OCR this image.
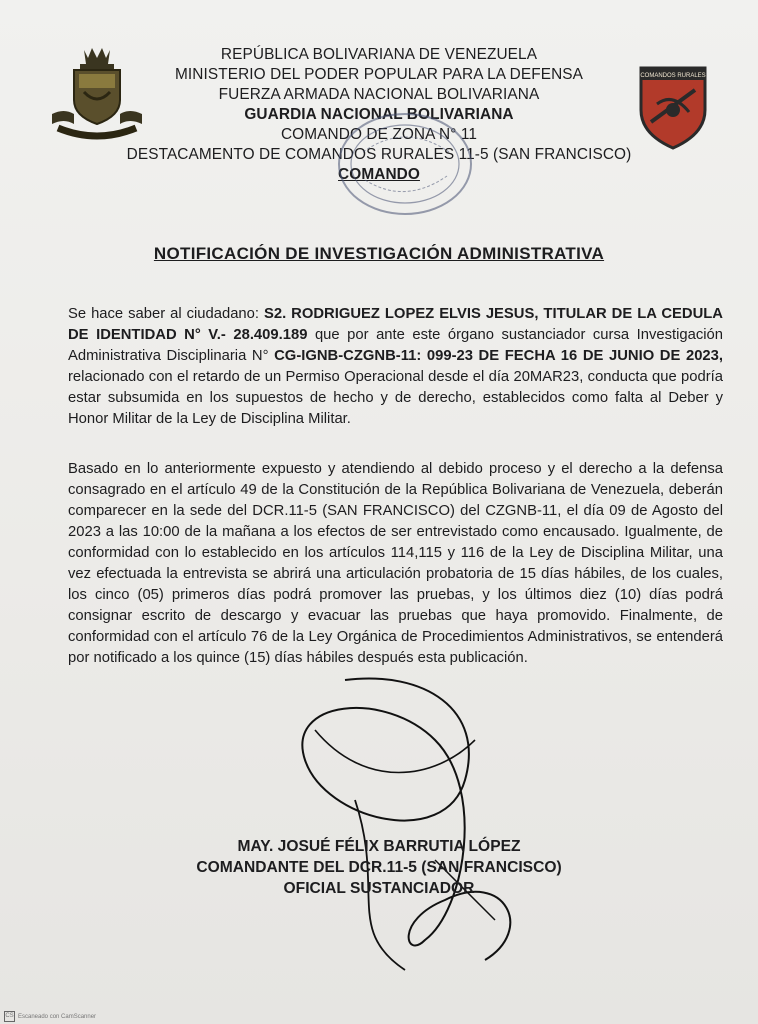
REPÚBLICA BOLIVARIANA DE VENEZUELA
MINISTERIO DEL PODER POPULAR PARA LA DEFENSA
FUERZA ARMADA NACIONAL BOLIVARIANA
GUARDIA NACIONAL BOLIVARIANA
COMANDO DE ZONA N° 11
DESTACAMENTO DE COMANDOS RURALES 11-5 (SAN FRANCISCO)
COMANDO
COMANDOS RURALES
NOTIFICACIÓN DE INVESTIGACIÓN ADMINISTRATIVA
Se hace saber al ciudadano: S2. RODRIGUEZ LOPEZ ELVIS JESUS, TITULAR DE LA CEDULA DE IDENTIDAD N° V.- 28.409.189 que por ante este órgano sustanciador cursa Investigación Administrativa Disciplinaria N° CG-IGNB-CZGNB-11: 099-23 DE FECHA 16 DE JUNIO DE 2023, relacionado con el retardo de un Permiso Operacional desde el día 20MAR23, conducta que podría estar subsumida en los supuestos de hecho y de derecho, establecidos como falta al Deber y Honor Militar de la Ley de Disciplina Militar.
Basado en lo anteriormente expuesto y atendiendo al debido proceso y el derecho a la defensa consagrado en el artículo 49 de la Constitución de la República Bolivariana de Venezuela, deberán comparecer en la sede del DCR.11-5 (SAN FRANCISCO) del CZGNB-11, el día 09 de Agosto del 2023 a las 10:00 de la mañana a los efectos de ser entrevistado como encausado. Igualmente, de conformidad con lo establecido en los artículos 114,115 y 116 de la Ley de Disciplina Militar, una vez efectuada la entrevista se abrirá una articulación probatoria de 15 días hábiles, de los cuales, los cinco (05) primeros días podrá promover las pruebas, y los últimos diez (10) días podrá consignar escrito de descargo y evacuar las pruebas que haya promovido. Finalmente, de conformidad con el artículo 76 de la Ley Orgánica de Procedimientos Administrativos, se entenderá por notificado a los quince (15) días hábiles después esta publicación.
MAY. JOSUÉ FÉLIX BARRUTIA LÓPEZ
COMANDANTE DEL DCR.11-5 (SAN FRANCISCO)
OFICIAL SUSTANCIADOR
CS Escaneado con CamScanner
